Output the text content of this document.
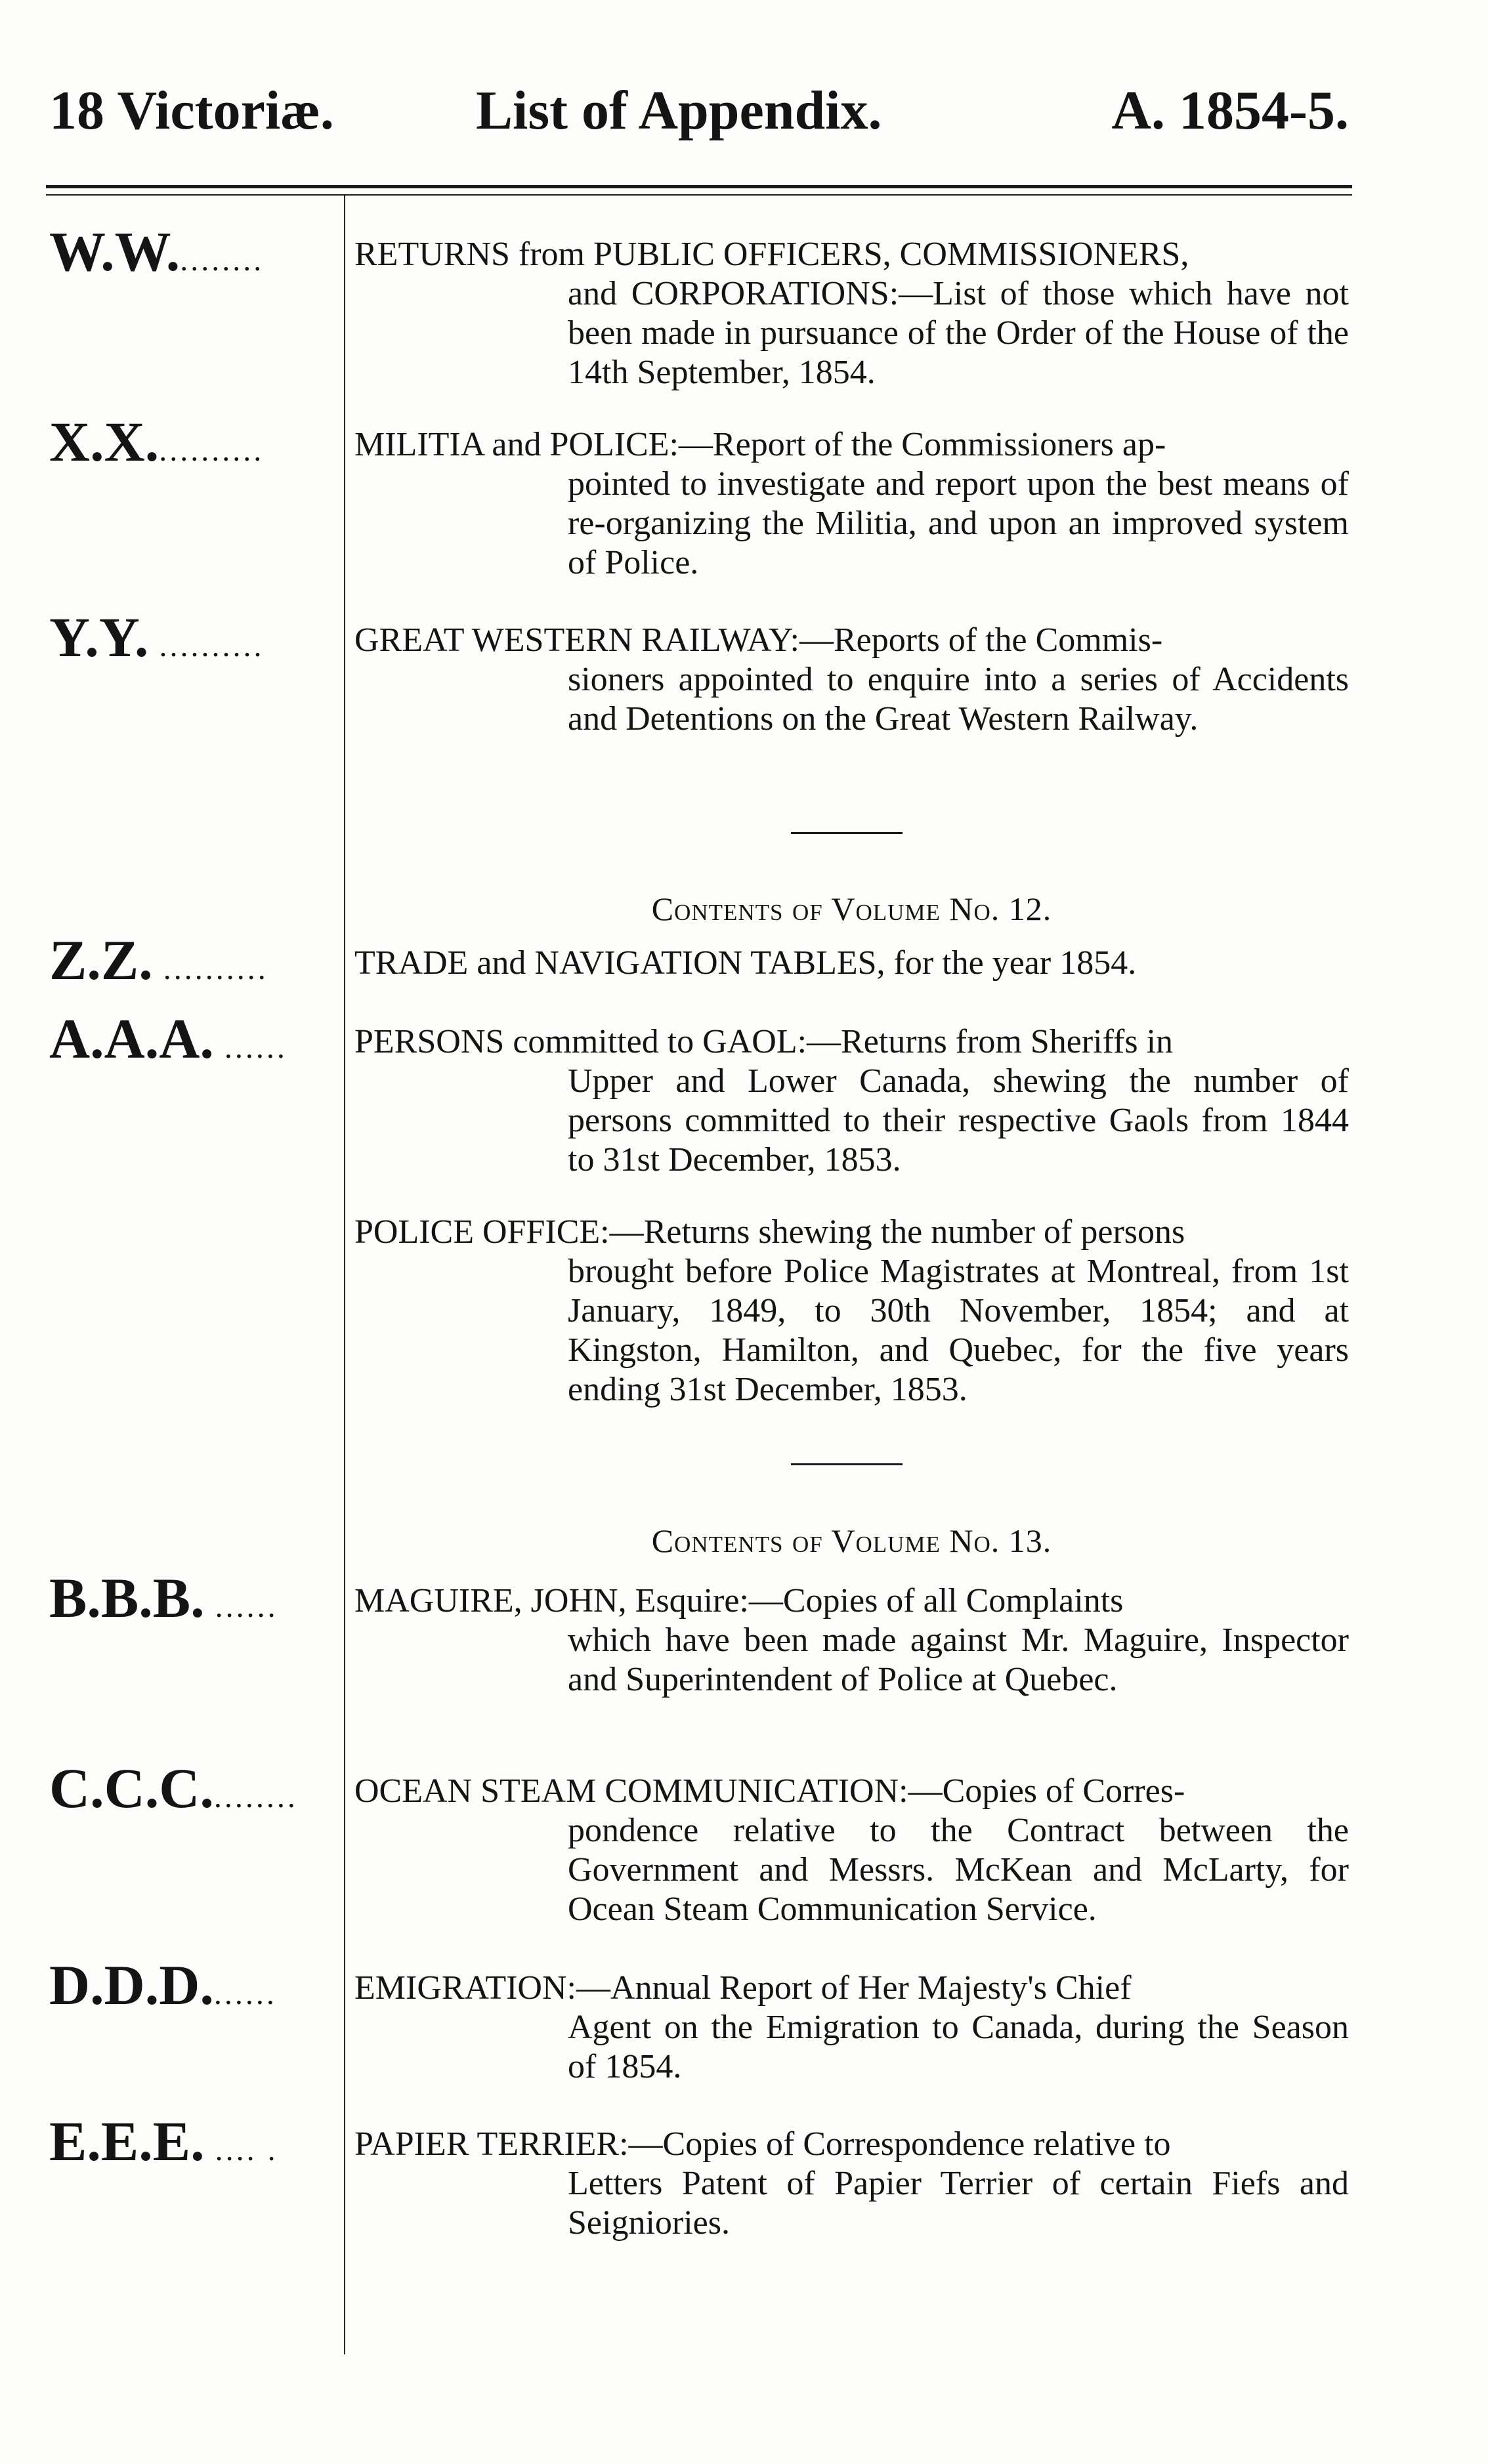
18 Victoriæ.	List of Appendix.	A. 1854-5.
W.W.........	RETURNS from PUBLIC OFFICERS, COMMISSIONERS,
and CORPORATIONS:—List of those which have not been made in pursuance of the Order of the House of the 14th September, 1854.
X.X...........	MILITIA and POLICE:—Report of the Commissioners ap-
pointed to investigate and report upon the best means of re-organizing the Militia, and upon an improved system of Police.
Y.Y. ..........	GREAT WESTERN RAILWAY:—Reports of the Commis-
sioners appointed to enquire into a series of Accidents and Detentions on the Great Western Railway.
Contents of Volume No. 12.
Z.Z. ..........	TRADE and NAVIGATION TABLES, for the year 1854.
A.A.A. ......	PERSONS committed to GAOL:—Returns from Sheriffs in
Upper and Lower Canada, shewing the number of persons committed to their respective Gaols from 1844 to 31st December, 1853.
POLICE OFFICE:—Returns shewing the number of persons
brought before Police Magistrates at Montreal, from 1st January, 1849, to 30th November, 1854; and at Kingston, Hamilton, and Quebec, for the five years ending 31st December, 1853.
Contents of Volume No. 13.
B.B.B. ......	MAGUIRE, JOHN, Esquire:—Copies of all Complaints
which have been made against Mr. Maguire, Inspector and Superintendent of Police at Quebec.
C.C.C.........	OCEAN STEAM COMMUNICATION:—Copies of Corres-
pondence relative to the Contract between the Government and Messrs. McKean and McLarty, for Ocean Steam Communication Service.
D.D.D.......	EMIGRATION:—Annual Report of Her Majesty's Chief
Agent on the Emigration to Canada, during the Season of 1854.
E.E.E. .... .	PAPIER TERRIER:—Copies of Correspondence relative to
Letters Patent of Papier Terrier of certain Fiefs and Seigniories.
